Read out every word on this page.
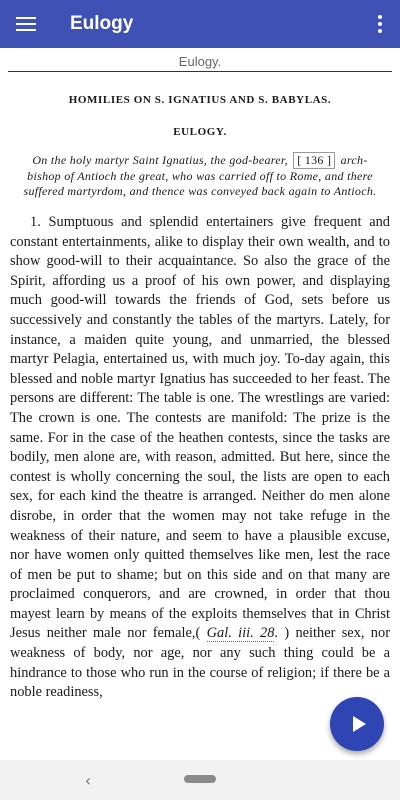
Eulogy
Eulogy.
HOMILIES ON S. IGNATIUS AND S. BABYLAS.
EULOGY.

On the holy martyr Saint Ignatius, the god-bearer, [ 136 ] arch-bishop of Antioch the great, who was carried off to Rome, and there suffered martyrdom, and thence was conveyed back again to Antioch.

1. Sumptuous and splendid entertainers give frequent and constant entertainments, alike to display their own wealth, and to show good-will to their acquaintance. So also the grace of the Spirit, affording us a proof of his own power, and displaying much good-will towards the friends of God, sets before us successively and constantly the tables of the martyrs. Lately, for instance, a maiden quite young, and unmarried, the blessed martyr Pelagia, entertained us, with much joy. To-day again, this blessed and noble martyr Ignatius has succeeded to her feast. The persons are different: The table is one. The wrestlings are varied: The crown is one. The contests are manifold: The prize is the same. For in the case of the heathen contests, since the tasks are bodily, men alone are, with reason, admitted. But here, since the contest is wholly concerning the soul, the lists are open to each sex, for each kind the theatre is arranged. Neither do men alone disrobe, in order that the women may not take refuge in the weakness of their nature, and seem to have a plausible excuse, nor have women only quitted themselves like men, lest the race of men be put to shame; but on this side and on that many are proclaimed conquerors, and are crowned, in order that thou mayest learn by means of the exploits themselves that in Christ Jesus neither male nor female,( Gal. iii. 28. ) neither sex, nor weakness of body, nor age, nor any such thing could be a hindrance to those who run in the course of religion; if there be a noble readiness,

‹
